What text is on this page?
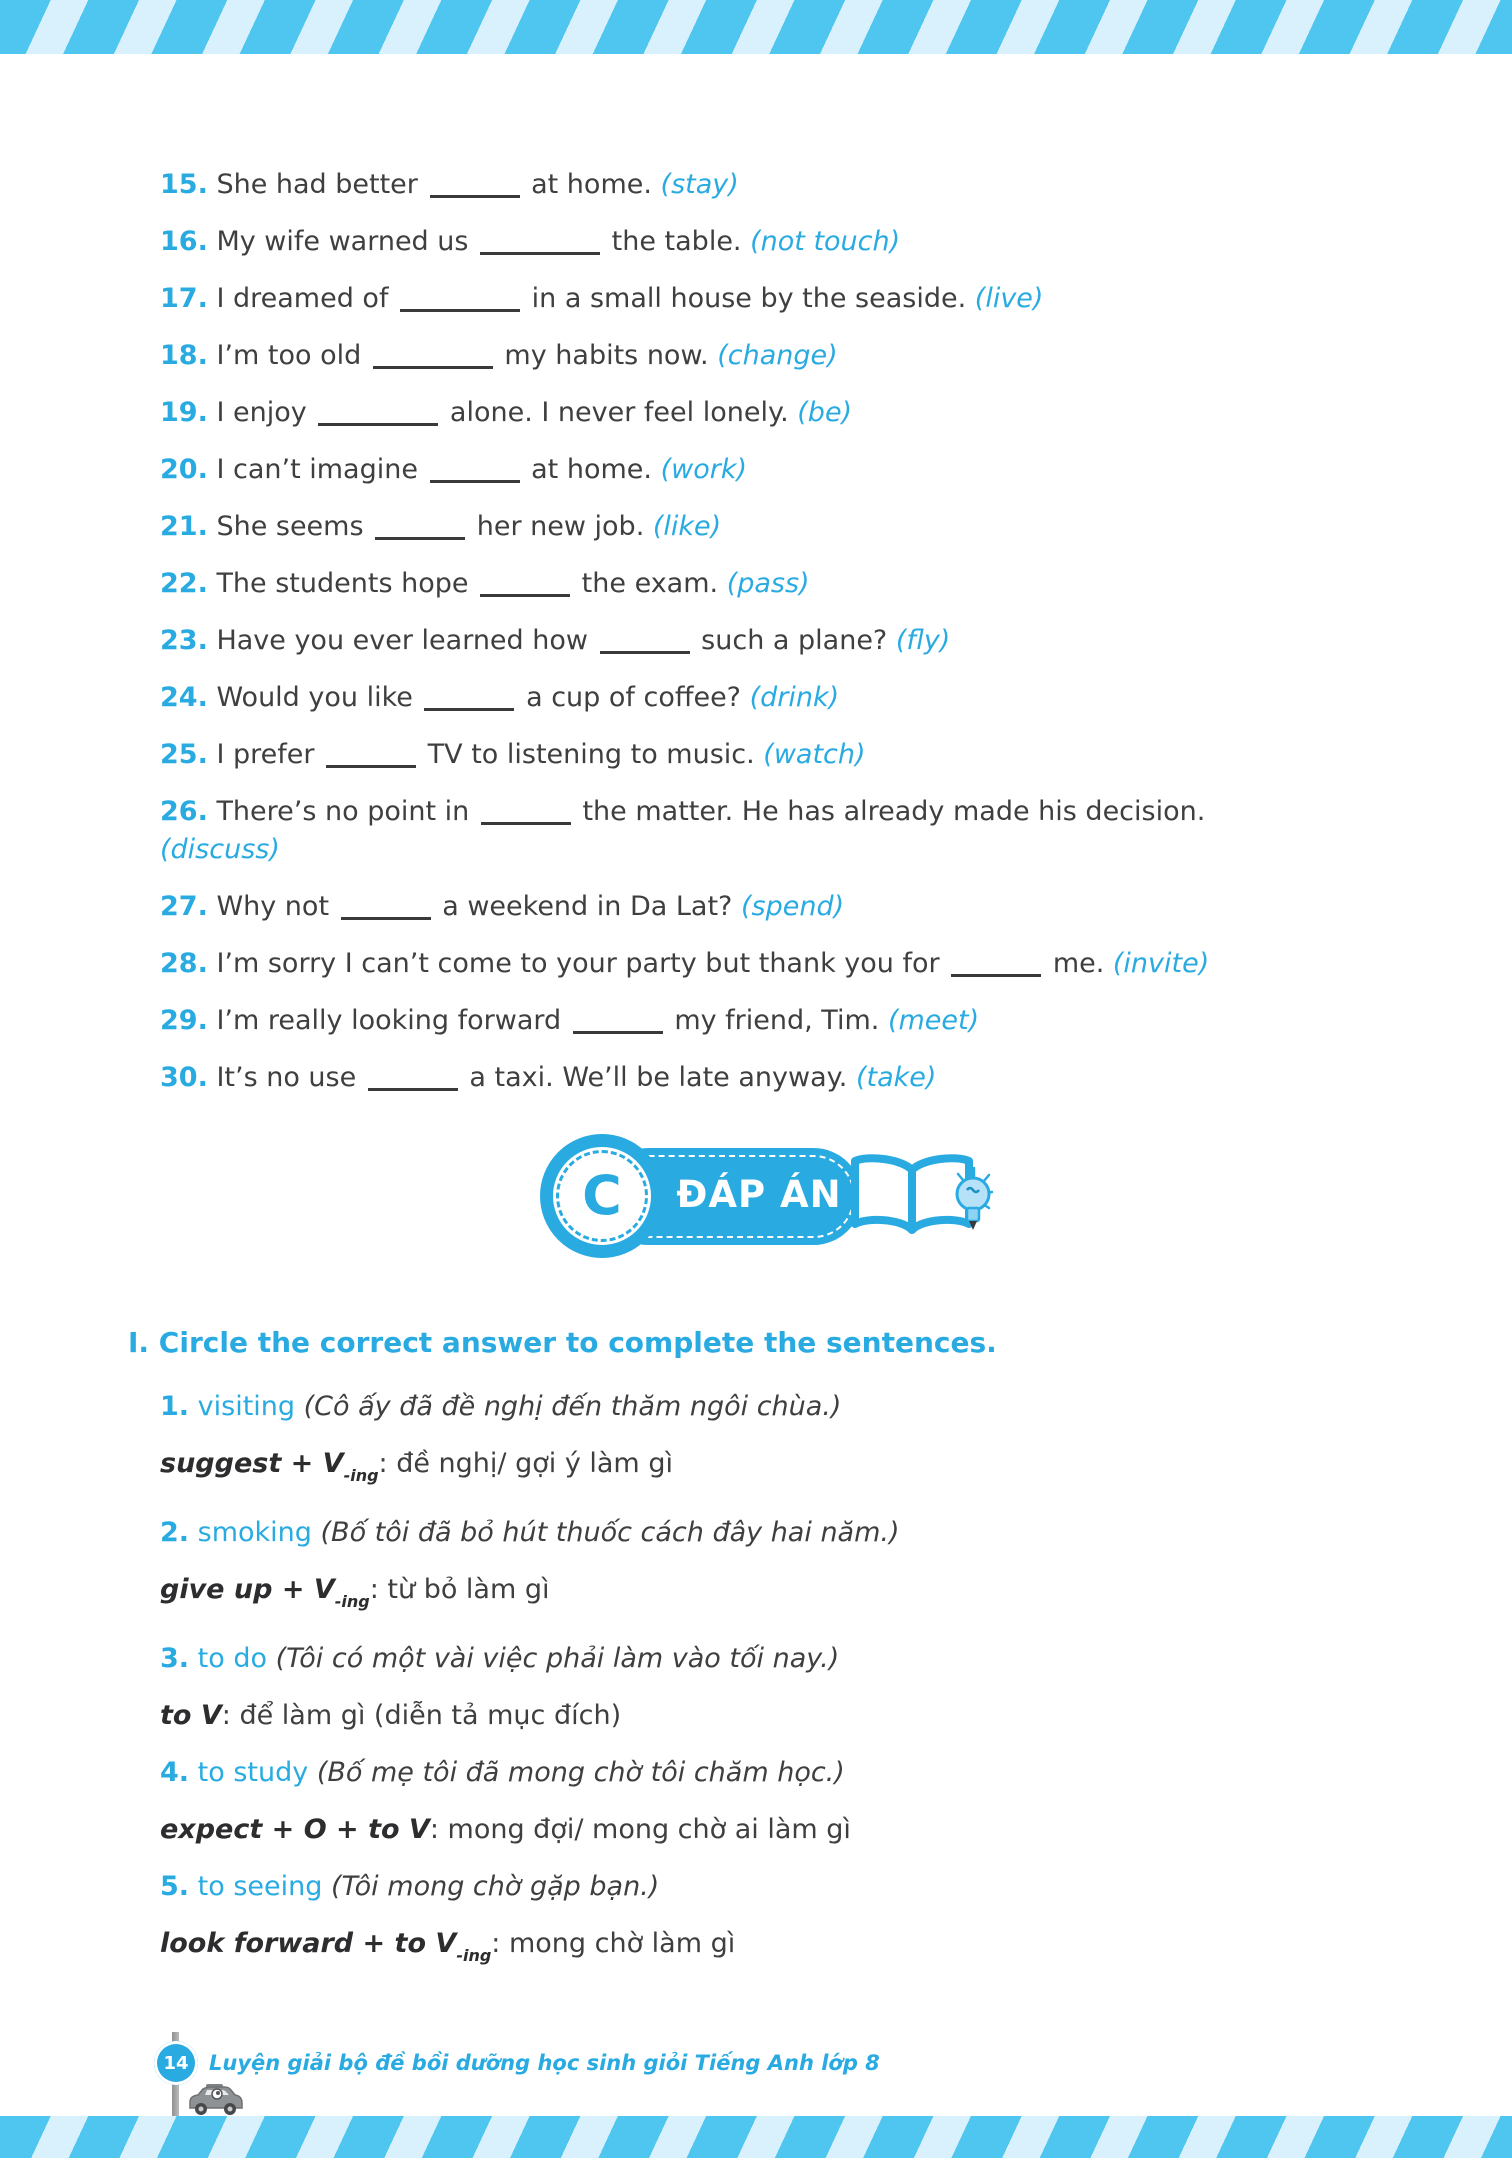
15. She had better	at home. (stay)
16. My wife warned us	the table. (not touch)
17. I dreamed of	in a small house by the seaside. (live)
18. I’m too old	my habits now. (change)
19. I enjoy	alone. I never feel lonely. (be)
20. I can’t imagine	at home. (work)
21. She seems	her new job. (like)
22. The students hope	the exam. (pass)
23. Have you ever learned how	such a plane? (fly)
24. Would you like	a cup of coffee? (drink)
25. I prefer	TV to listening to music. (watch)
26. There’s no point in	the matter. He has already made his decision.
(discuss)
27. Why not	a weekend in Da Lat? (spend)
28. I’m sorry I can’t come to your party but thank you for	me. (invite)
29. I’m really looking forward	my friend, Tim. (meet)
30. It’s no use	a taxi. We’ll be late anyway. (take)
ĐÁP ÁN
C
I. Circle the correct answer to complete the sentences.
1. visiting (Cô ấy đã đề nghị đến thăm ngôi chùa.)
suggest + $V_{-ing}$: đề nghị/ gợi ý làm gì
2. smoking (Bố tôi đã bỏ hút thuốc cách đây hai năm.)
give up + $V_{-ing}$: từ bỏ làm gì
3. to do (Tôi có một vài việc phải làm vào tối nay.)
to V: để làm gì (diễn tả mục đích)
4. to study (Bố mẹ tôi đã mong chờ tôi chăm học.)
expect + O + to V: mong đợi/ mong chờ ai làm gì
5. to seeing (Tôi mong chờ gặp bạn.)
look forward + to $V_{-ing}$: mong chờ làm gì
14 Luyện giải bộ đề bồi dưỡng học sinh giỏi Tiếng Anh lớp 8
